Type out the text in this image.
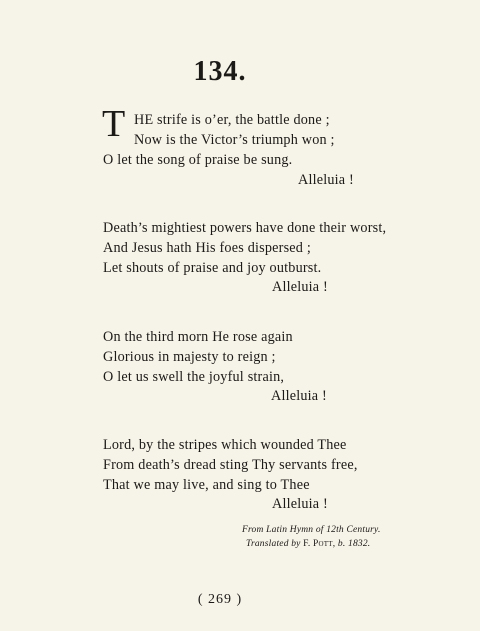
134.
T HE strife is o’er, the battle done ;
Now is the Victor’s triumph won ;
O let the song of praise be sung.
Alleluia !
Death’s mightiest powers have done their worst,
And Jesus hath His foes dispersed ;
Let shouts of praise and joy outburst.
Alleluia !
On the third morn He rose again
Glorious in majesty to reign ;
O let us swell the joyful strain,
Alleluia !
Lord, by the stripes which wounded Thee
From death’s dread sting Thy servants free,
That we may live, and sing to Thee
Alleluia !
From Latin Hymn of 12th Century.
Translated by F. Pott, b. 1832.
( 269 )
